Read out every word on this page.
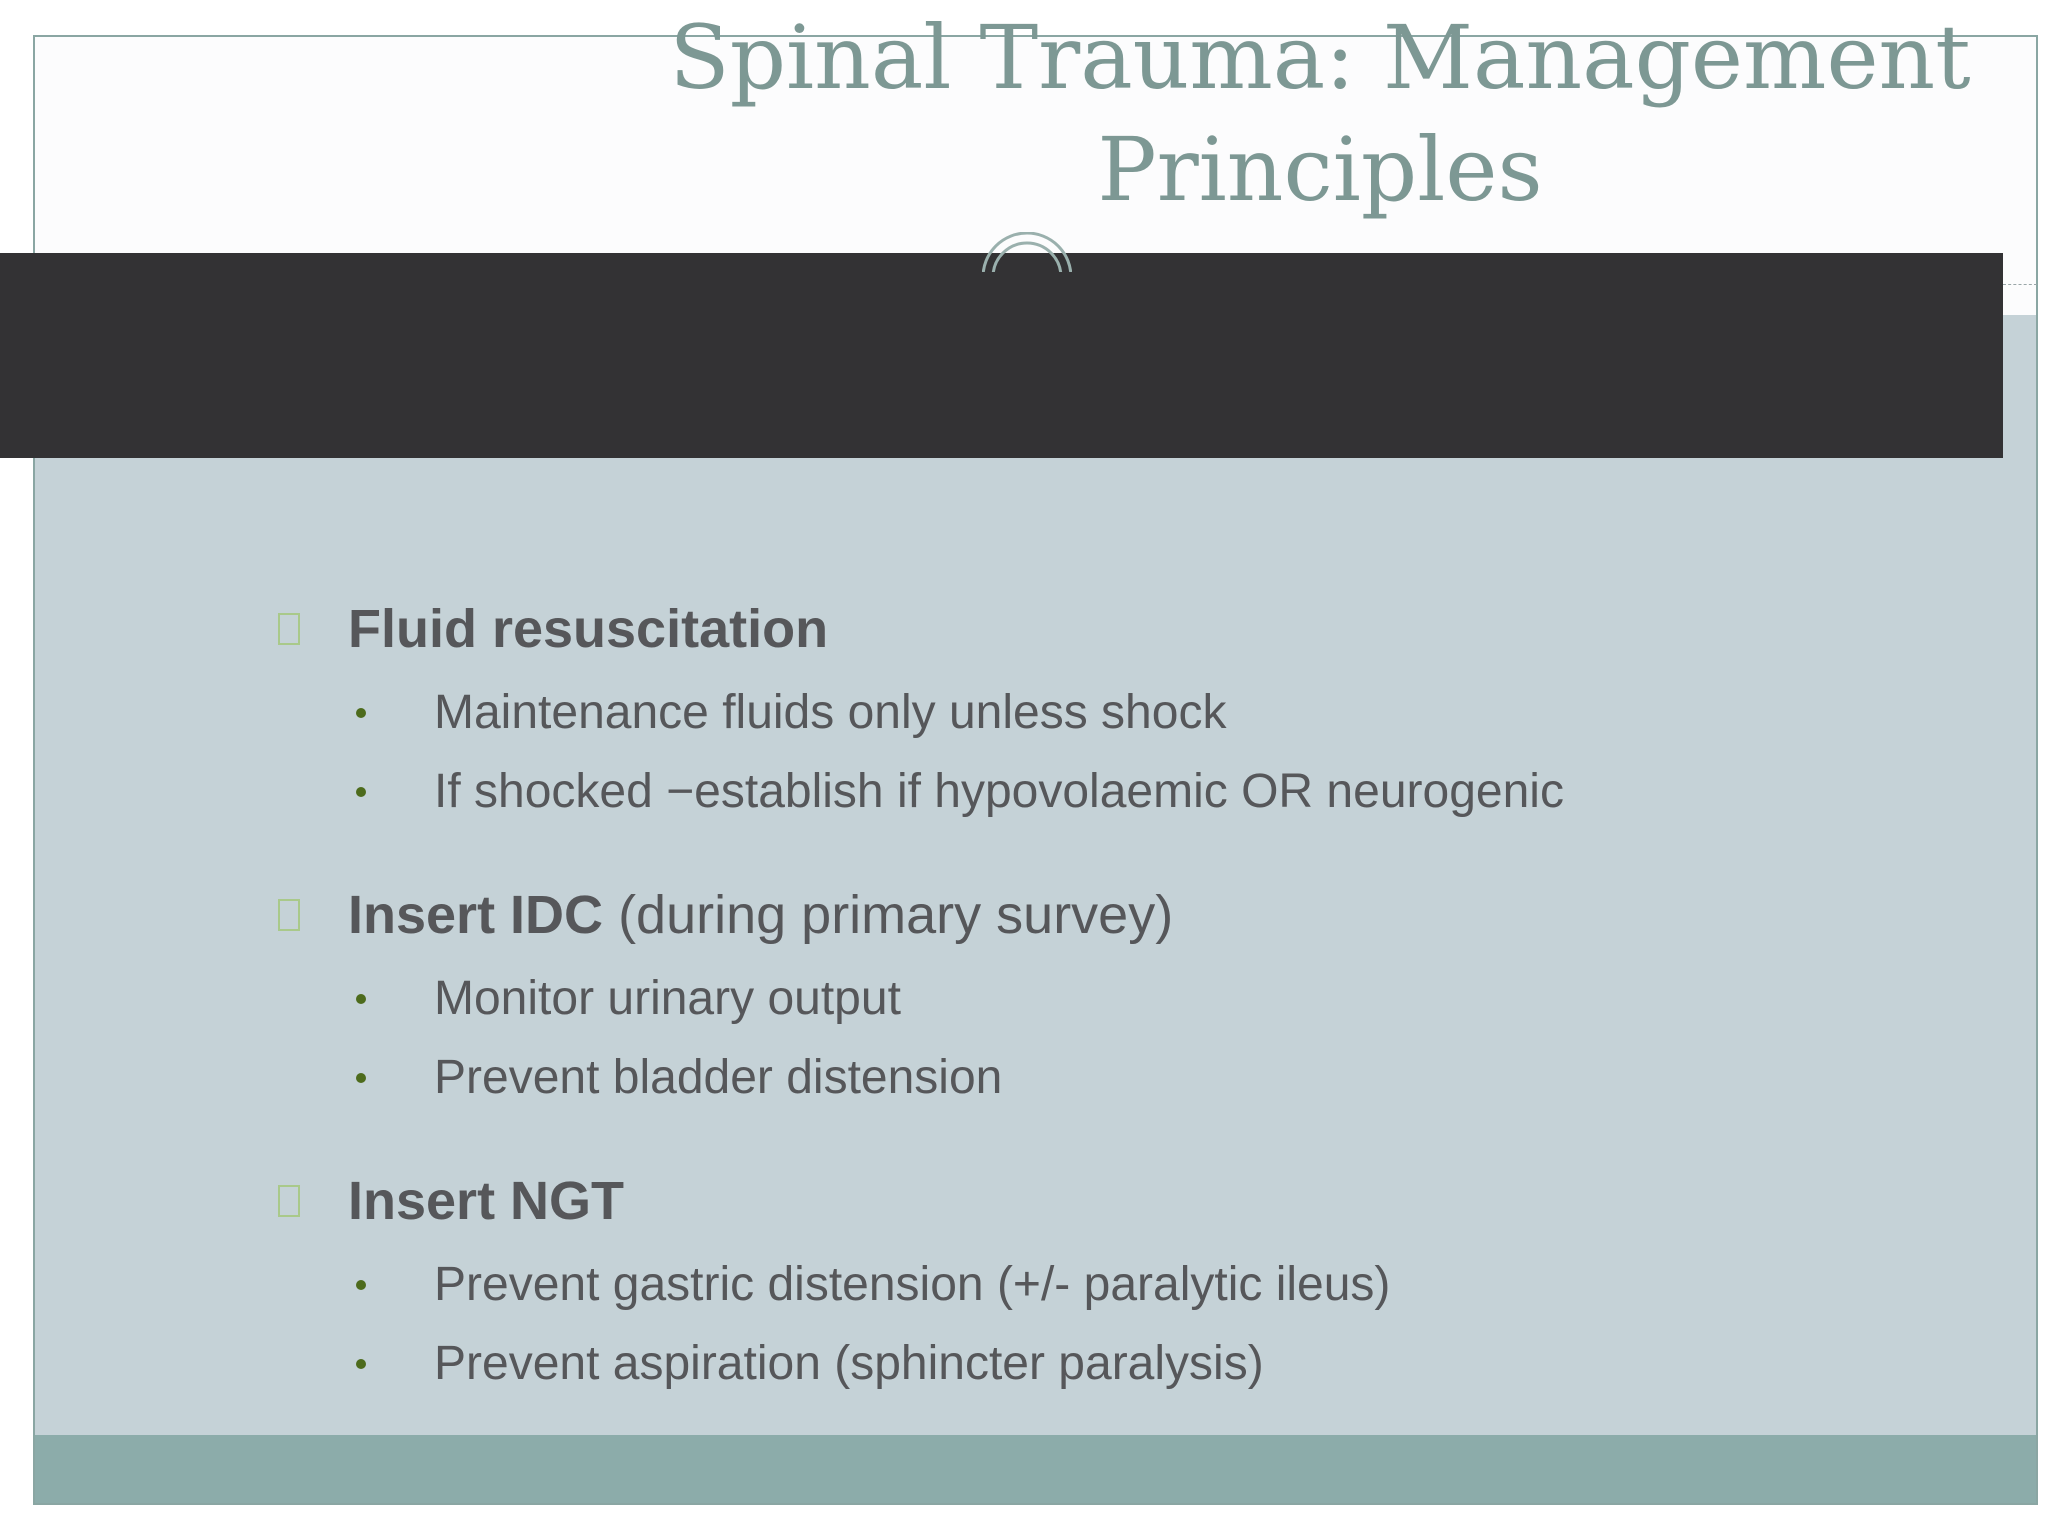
Spinal Trauma: Management Principles
Fluid resuscitation
Maintenance fluids only unless shock
If shocked −establish if hypovolaemic OR neurogenic
Insert IDC (during primary survey)
Monitor urinary output
Prevent bladder distension
Insert NGT
Prevent gastric distension (+/- paralytic ileus)
Prevent aspiration (sphincter paralysis)
